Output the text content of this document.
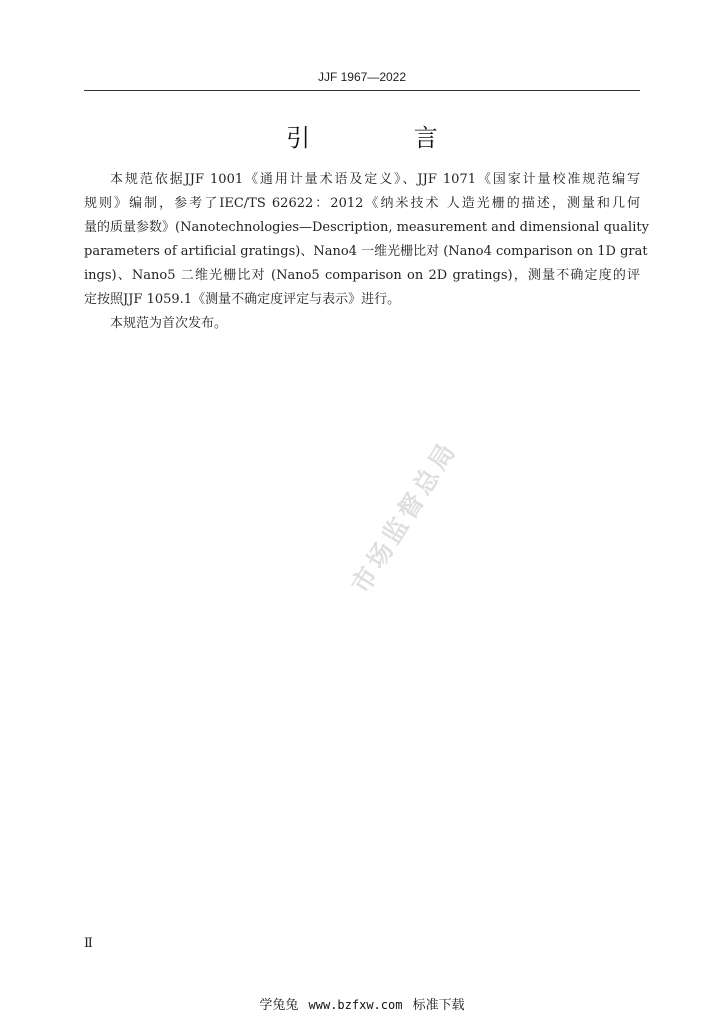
JJF 1967—2022
引 言
本规范依据JJF 1001《通用计量术语及定义》、JJF 1071《国家计量校准规范编写
规则》编制，参考了IEC/TS 62622：2012《纳米技术 人造光栅的描述，测量和几何
量的质量参数》(Nanotechnologies—Description, measurement and dimensional quality
parameters of artificial gratings)、Nano4 一维光栅比对 (Nano4 comparison on 1D grat
ings)、Nano5 二维光栅比对 (Nano5 comparison on 2D gratings)，测量不确定度的评
定按照JJF 1059.1《测量不确定度评定与表示》进行。
本规范为首次发布。
市场监督总局
Ⅱ
学兔兔 www.bzfxw.com 标准下载
